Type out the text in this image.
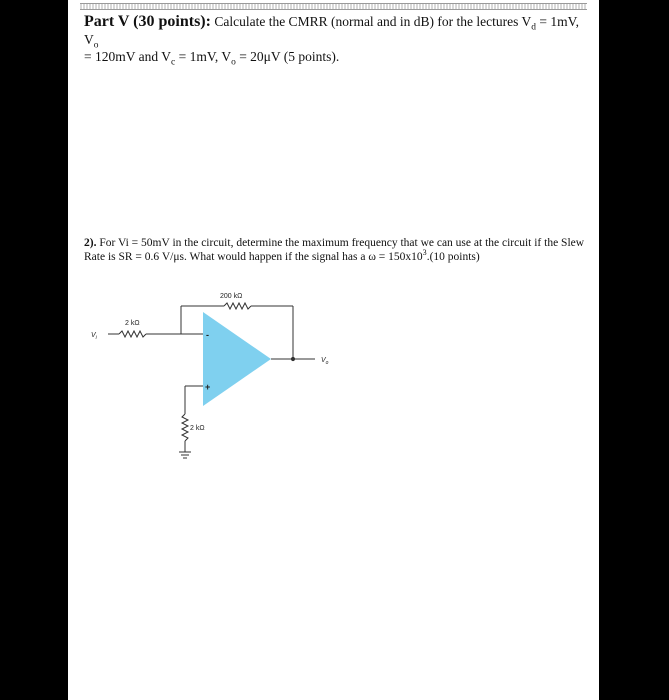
Part V (30 points): Calculate the CMRR (normal and in dB) for the lectures $V_d = 1mV$, $V_o$
= 120mV and $V_c = 1mV$, $V_o = 20\mu V$ (5 points).
2). For Vi = 50mV in the circuit, determine the maximum frequency that we can use at the circuit if the Slew Rate is SR = 0.6 V/μs. What would happen if the signal has a $\omega = 150x10^3.(10$ points)
200 kΩ
2 kΩ
2 kΩ
$V_i$
$V_o$
-
+
